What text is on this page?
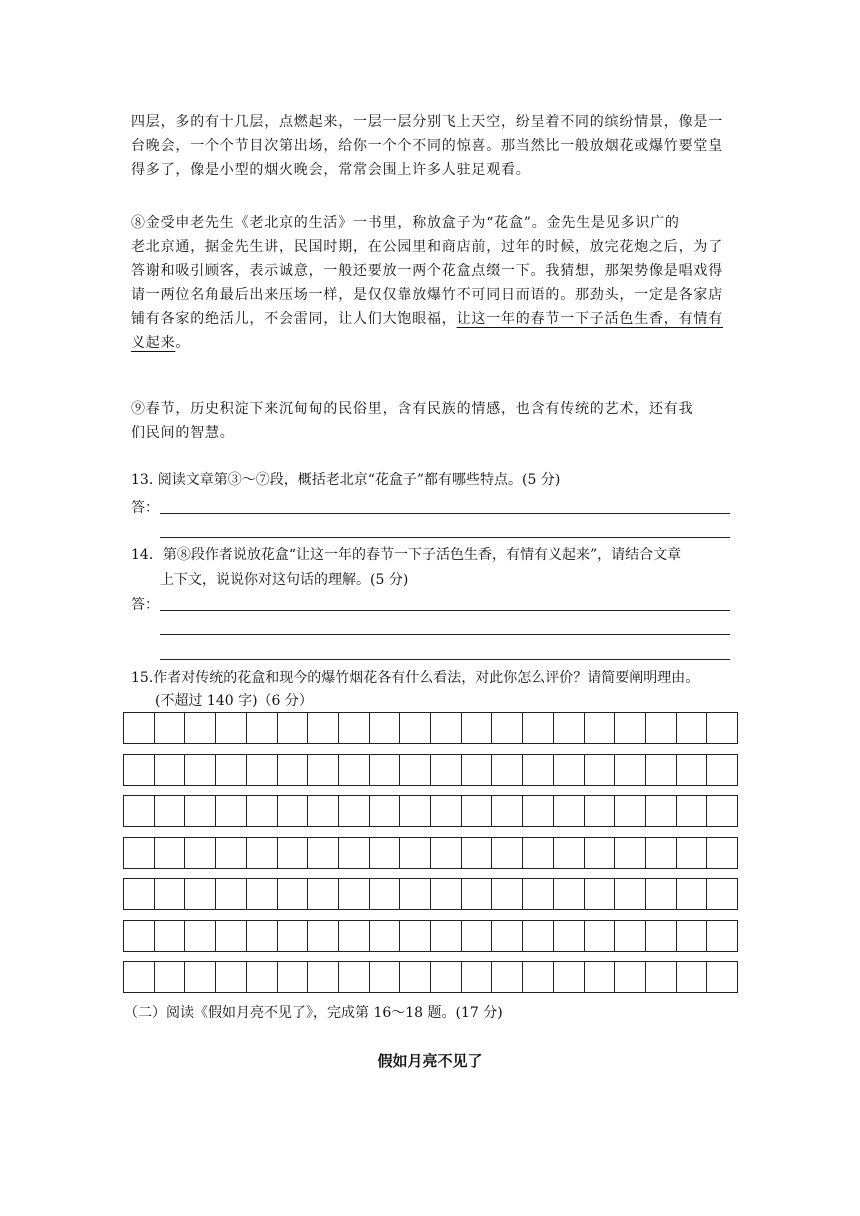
四层，多的有十几层，点燃起来，一层一层分别飞上天空，纷呈着不同的缤纷情景，像是一
台晚会，一个个节目次第出场，给你一个个不同的惊喜。那当然比一般放烟花或爆竹要堂皇
得多了，像是小型的烟火晚会，常常会围上许多人驻足观看。
⑧金受申老先生《老北京的生活》一书里，称放盒子为“花盒”。金先生是见多识广的
老北京通，据金先生讲，民国时期，在公园里和商店前，过年的时候，放完花炮之后，为了
答谢和吸引顾客，表示诚意，一般还要放一两个花盒点缀一下。我猜想，那架势像是唱戏得
请一两位名角最后出来压场一样，是仅仅靠放爆竹不可同日而语的。那劲头，一定是各家店
铺有各家的绝活儿，不会雷同，让人们大饱眼福，让这一年的春节一下子活色生香，有情有
义起来。
⑨春节，历史积淀下来沉甸甸的民俗里，含有民族的情感，也含有传统的艺术，还有我
们民间的智慧。
13. 阅读文章第③～⑦段，概括老北京“花盒子”都有哪些特点。(5 分)
答：
14．第⑧段作者说放花盒“让这一年的春节一下子活色生香，有情有义起来”，请结合文章
上下文，说说你对这句话的理解。(5 分)
答：
15.作者对传统的花盒和现今的爆竹烟花各有什么看法，对此你怎么评价？请简要阐明理由。
(不超过 140 字)（6 分）
（二）阅读《假如月亮不见了》，完成第 16～18 题。(17 分)
假如月亮不见了
